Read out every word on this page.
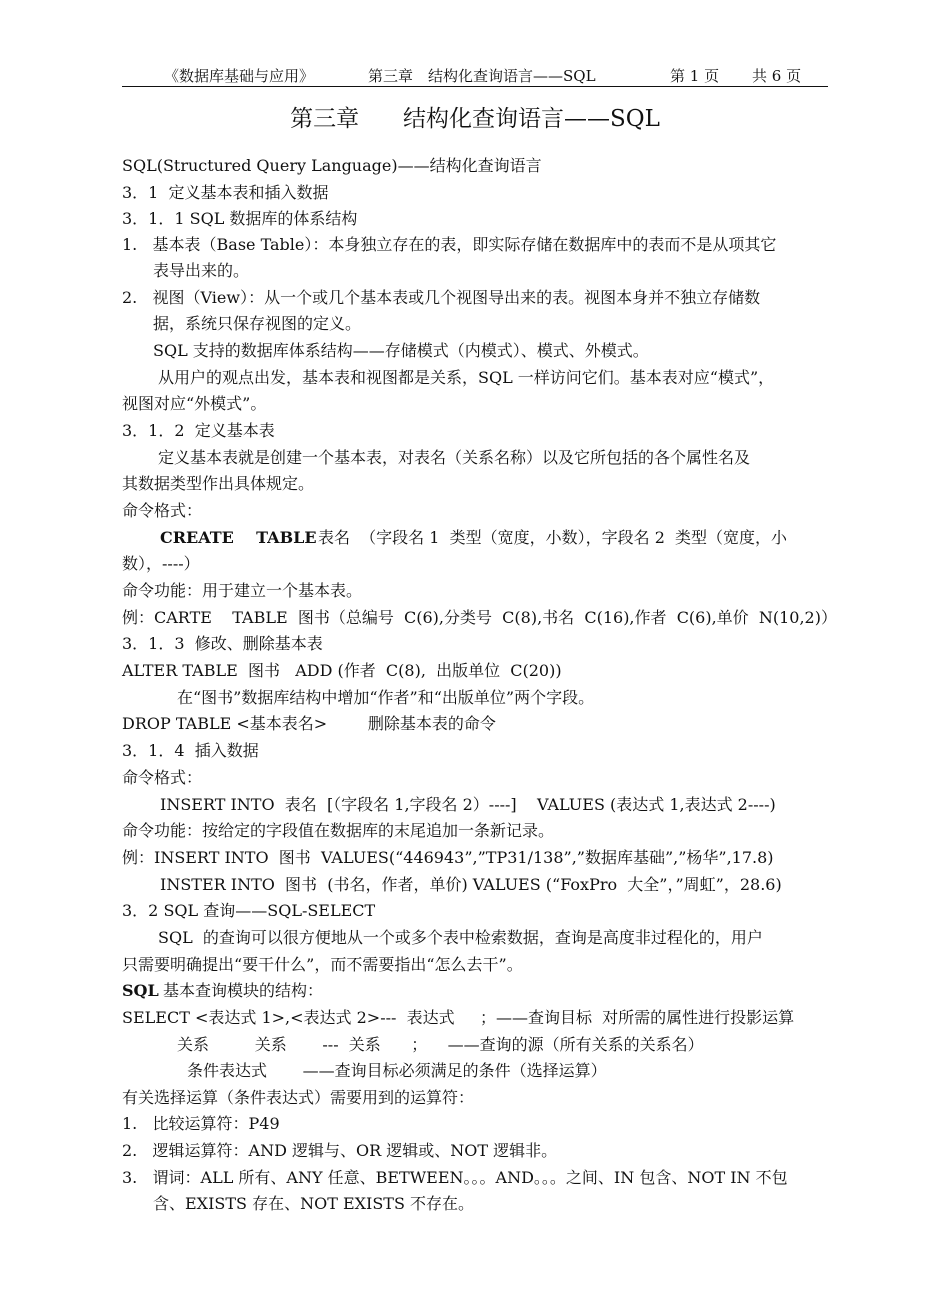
《数据库基础与应用》	第三章　结构化查询语言——SQL	第 1 页 共 6 页
第三章      结构化查询语言——SQL
SQL(Structured Query Language)——结构化查询语言
3．1  定义基本表和插入数据
3．1．1 SQL 数据库的体系结构
1.   基本表（Base Table）：本身独立存在的表，即实际存储在数据库中的表而不是从项其它
表导出来的。
2.   视图（View）：从一个或几个基本表或几个视图导出来的表。视图本身并不独立存储数
据，系统只保存视图的定义。
SQL 支持的数据库体系结构——存储模式（内模式）、模式、外模式。
从用户的观点出发，基本表和视图都是关系，SQL 一样访问它们。基本表对应“模式”，
视图对应“外模式”。
3．1．2  定义基本表
定义基本表就是创建一个基本表，对表名（关系名称）以及它所包括的各个属性名及
其数据类型作出具体规定。
命令格式：
CREATE    TABLE 表名  （字段名 1  类型（宽度，小数），字段名 2  类型（宽度，小
数），----）
命令功能：用于建立一个基本表。
例：CARTE    TABLE  图书（总编号  C(6),分类号  C(8),书名  C(16),作者  C(6),单价  N(10,2)）
3．1．3  修改、删除基本表
ALTER TABLE  图书   ADD (作者  C(8),  出版单位  C(20))
在“图书”数据库结构中增加“作者”和“出版单位”两个字段。
DROP TABLE <基本表名>        删除基本表的命令
3．1．4  插入数据
命令格式：
INSERT INTO  表名  [（字段名 1,字段名 2）----]    VALUES (表达式 1,表达式 2----)
命令功能：按给定的字段值在数据库的末尾追加一条新记录。
例：INSERT INTO  图书  VALUES(“446943”,”TP31/138”,”数据库基础”,”杨华”,17.8)
INSTER INTO  图书  (书名，作者，单价) VALUES (“FoxPro  大全”，”周虹”，28.6)
3．2 SQL 查询——SQL-SELECT
SQL  的查询可以很方便地从一个或多个表中检索数据，查询是高度非过程化的，用户
只需要明确提出“要干什么”，而不需要指出“怎么去干”。
SQL 基本查询模块的结构：
SELECT <表达式 1>,<表达式 2>---  表达式     ；——查询目标  对所需的属性进行投影运算
关系         关系       ---  关系      ；    ——查询的源（所有关系的关系名）
条件表达式       ——查询目标必须满足的条件（选择运算）
有关选择运算（条件表达式）需要用到的运算符：
1.   比较运算符：P49
2.   逻辑运算符：AND 逻辑与、OR 逻辑或、NOT 逻辑非。
3.   谓词：ALL 所有、ANY 任意、BETWEEN。。。AND。。。之间、IN 包含、NOT IN 不包
含、EXISTS 存在、NOT EXISTS 不存在。
